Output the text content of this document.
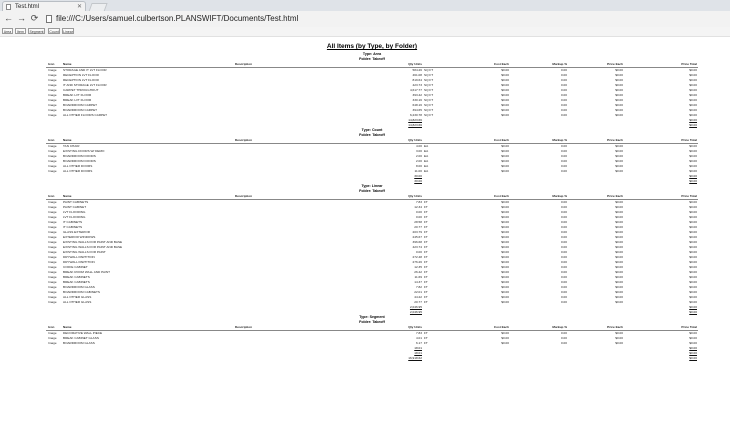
Test.html	✕
← → ⟳ file:///C:/Users/samuel.culbertson.PLANSWIFT/Documents/Test.html
Area	Item	Segment	Count	Linear
All Items (by Type, by Folder)
Type: Area
Folder: Takeoff
Icon	Name	Description	Qty Units	Cost Each	Markup %	Price Each	Price Total
Image STORAGE AND IT LVT FLOOR	584.26 SQ FT	$0.00	0.00	$0.00	$0.00
Image RECEPTION LVT FLOOR	461.08 SQ FT	$0.00	0.00	$0.00	$0.00
Image RECEPTION LVT FLOOR	819.64 SQ FT	$0.00	0.00	$0.00	$0.00
Image IT AND STORAGE LVT FLOOR	423.73 SQ FT	$0.00	0.00	$0.00	$0.00
Image CARPET THROUGHOUT	4,617.77 SQ FT	$0.00	0.00	$0.00	$0.00
Image BREAK LVT FLOOR	393.42 SQ FT	$0.00	0.00	$0.00	$0.00
Image BREAK LVT FLOOR	330.16 SQ FT	$0.00	0.00	$0.00	$0.00
Image BOARDROOM CARPET	648.16 SQ FT	$0.00	0.00	$0.00	$0.00
Image BOARDROOM CARPET	394.65 SQ FT	$0.00	0.00	$0.00	$0.00
Image ALL OTHER FLOORS CARPET	6,230.78 SQ FT	$0.00	0.00	$0.00	$0.00
14,823.66	$0.00
14,823.66	$0.00
Type: Count
Folder: Takeoff
Icon	Name	Description	Qty Units	Cost Each	Markup %	Price Each	Price Total
Image TAN CHAIR	4.00 EA	$0.00	0.00	$0.00	$0.00
Image EXISTING DOORS W/ DEMO	3.00 EA	$0.00	0.00	$0.00	$0.00
Image BOARDROOM DOORS	2.00 EA	$0.00	0.00	$0.00	$0.00
Image BOARDROOM DOORS	2.00 EA	$0.00	0.00	$0.00	$0.00
Image ALL OTHER DOORS	8.00 EA	$0.00	0.00	$0.00	$0.00
Image ALL OTHER DOORS	11.00 EA	$0.00	0.00	$0.00	$0.00
30.00	$0.00
30.00	$0.00
Type: Linear
Folder: Takeoff
Icon	Name	Description	Qty Units	Cost Each	Markup %	Price Each	Price Total
Image PAINT CABINETS	7.83 FT	$0.00	0.00	$0.00	$0.00
Image PAINT CABINET	12.34 FT	$0.00	0.00	$0.00	$0.00
Image LVT FLOORING	0.00 FT	$0.00	0.00	$0.00	$0.00
Image LVT FLOORING	0.00 FT	$0.00	0.00	$0.00	$0.00
Image IT CABINETS	28.58 FT	$0.00	0.00	$0.00	$0.00
Image IT CABINETS	20.77 FT	$0.00	0.00	$0.00	$0.00
Image GLASS EXTERIOR	203.79 FT	$0.00	0.00	$0.00	$0.00
Image EXTERIOR WINDOWS	245.67 FT	$0.00	0.00	$0.00	$0.00
Image EXISTING WALLS FOR PAINT AND BASE	396.68 FT	$0.00	0.00	$0.00	$0.00
Image EXISTING WALLS FOR PAINT AND BASE	423.74 FT	$0.00	0.00	$0.00	$0.00
Image EXISTING WALLS FOR PAINT	0.00 FT	$0.00	0.00	$0.00	$0.00
Image DRYWALL PARTITION	272.48 FT	$0.00	0.00	$0.00	$0.00
Image DRYWALL PARTITION	276.26 FT	$0.00	0.00	$0.00	$0.00
Image COFFE CABINET	12.35 FT	$0.00	0.00	$0.00	$0.00
Image BREAK ROOM WALL AND PAINT	26.42 FT	$0.00	0.00	$0.00	$0.00
Image BREAK CABINETS	11.69 FT	$0.00	0.00	$0.00	$0.00
Image BREAK CABINETS	14.37 FT	$0.00	0.00	$0.00	$0.00
Image BOARDROOM GLASS	7.82 FT	$0.00	0.00	$0.00	$0.00
Image BOARDROOM CABINETS	22.01 FT	$0.00	0.00	$0.00	$0.00
Image ALL OTHER GLASS	44.22 FT	$0.00	0.00	$0.00	$0.00
Image ALL OTHER GLASS	20.77 FT	$0.00	0.00	$0.00	$0.00
2,046.95	$0.00
2,046.95	$0.00
Type: Segment
Folder: Takeoff
Icon	Name	Description	Qty Units	Cost Each	Markup %	Price Each	Price Total
Image DECORATIVE WALL PIECE	7.83 FT	$0.00	0.00	$0.00	$0.00
Image BREAK CABINET GLASS	4.01 FT	$0.00	0.00	$0.00	$0.00
Image BOARDROOM GLASS	6.17 FT	$0.00	0.00	$0.00	$0.00
18.01	$0.00
18.01	$0.00
16,918.62	$0.00
